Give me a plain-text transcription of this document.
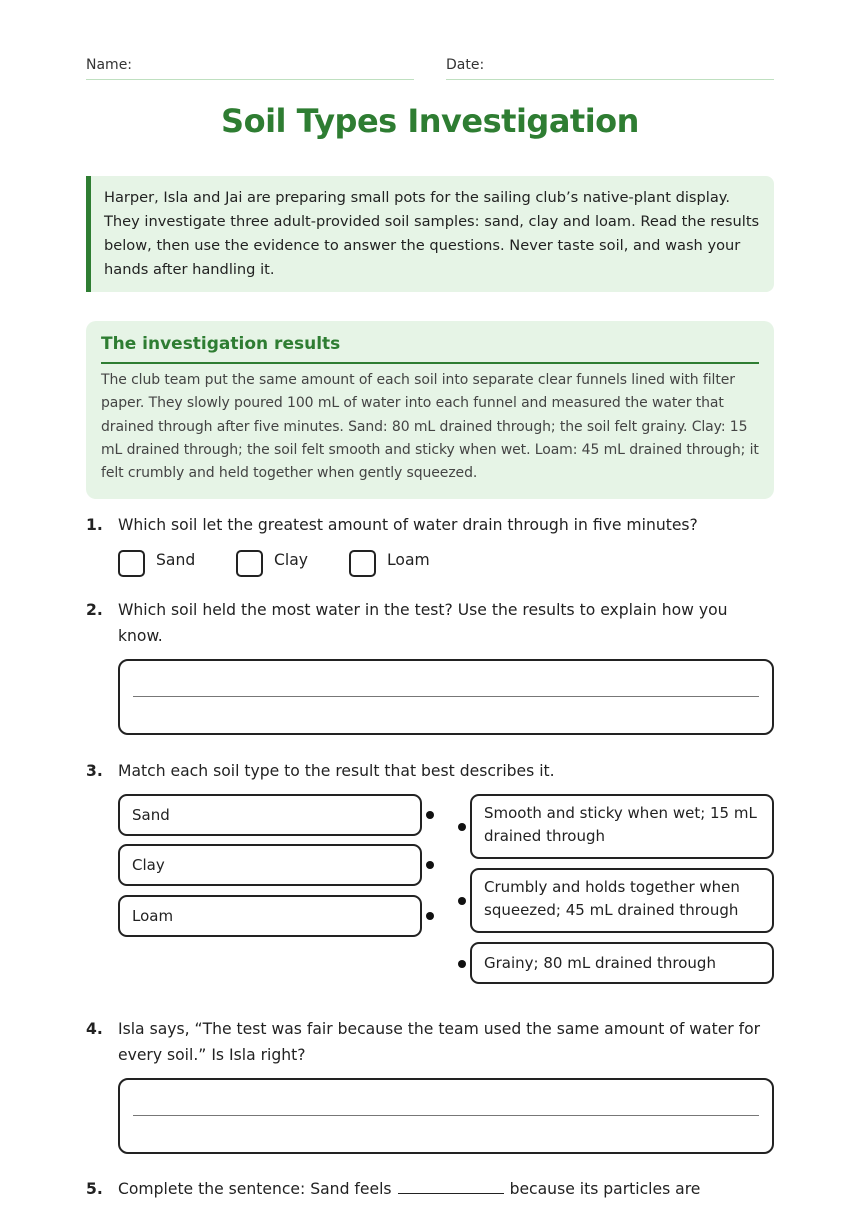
Name:	Date:
Soil Types Investigation
Harper, Isla and Jai are preparing small pots for the sailing club’s native-plant display. They investigate three adult-provided soil samples: sand, clay and loam. Read the results below, then use the evidence to answer the questions. Never taste soil, and wash your hands after handling it.
The investigation results

The club team put the same amount of each soil into separate clear funnels lined with filter paper. They slowly poured 100 mL of water into each funnel and measured the water that drained through after five minutes. Sand: 80 mL drained through; the soil felt grainy. Clay: 15 mL drained through; the soil felt smooth and sticky when wet. Loam: 45 mL drained through; it felt crumbly and held together when gently squeezed.

1. Which soil let the greatest amount of water drain through in five minutes?
Sand	Clay	Loam
2. Which soil held the most water in the test? Use the results to explain how you know.
3. Match each soil type to the result that best describes it.
Sand
Clay
Loam
Smooth and sticky when wet; 15 mL drained through
Crumbly and holds together when squeezed; 45 mL drained through
Grainy; 80 mL drained through
4. Isla says, “The test was fair because the team used the same amount of water for every soil.” Is Isla right?
5. Complete the sentence: Sand feels	because its particles are
